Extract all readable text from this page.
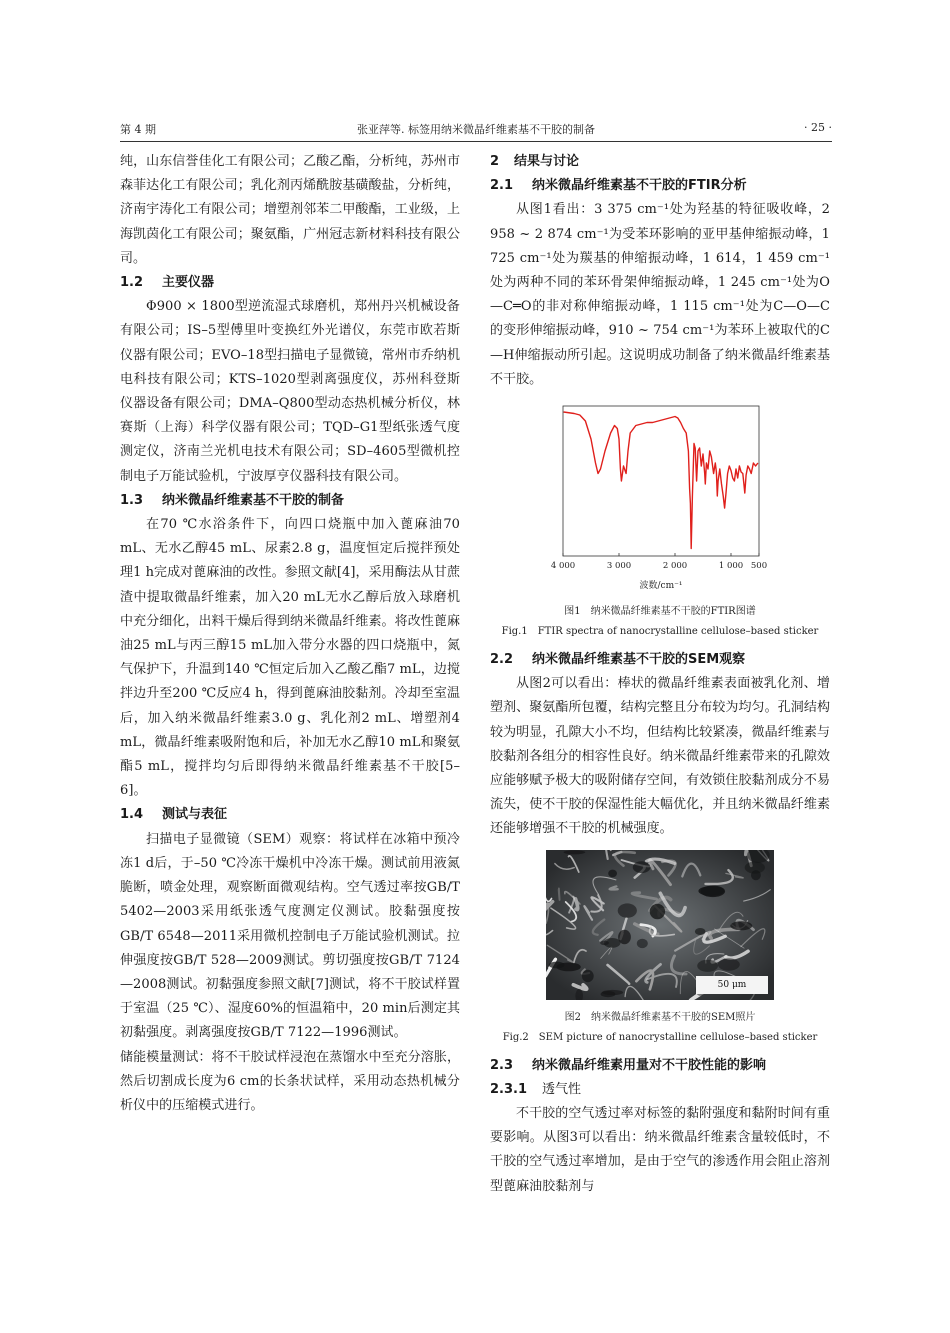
第 4 期	张亚萍等. 标签用纳米微晶纤维素基不干胶的制备	· 25 ·

纯，山东信誉佳化工有限公司；乙酸乙酯，分析纯，苏州市森菲达化工有限公司；乳化剂丙烯酰胺基磺酸盐，分析纯，济南宇涛化工有限公司；增塑剂邻苯二甲酸酯，工业级，上海凯茵化工有限公司；聚氨酯，广州冠志新材料科技有限公司。

1.2 主要仪器

Φ900 × 1800型逆流湿式球磨机，郑州丹兴机械设备有限公司；IS–5型傅里叶变换红外光谱仪，东莞市欧若斯仪器有限公司；EVO–18型扫描电子显微镜，常州市乔纳机电科技有限公司；KTS–1020型剥离强度仪，苏州科登斯仪器设备有限公司；DMA–Q800型动态热机械分析仪，林赛斯（上海）科学仪器有限公司；TQD–G1型纸张透气度测定仪，济南兰光机电技术有限公司；SD–4605型微机控制电子万能试验机，宁波厚亨仪器科技有限公司。

1.3 纳米微晶纤维素基不干胶的制备

在70 ℃水浴条件下，向四口烧瓶中加入蓖麻油70 mL、无水乙醇45 mL、尿素2.8 g，温度恒定后搅拌预处理1 h完成对蓖麻油的改性。参照文献[4]，采用酶法从甘蔗渣中提取微晶纤维素，加入20 mL无水乙醇后放入球磨机中充分细化，出料干燥后得到纳米微晶纤维素。将改性蓖麻油25 mL与丙三醇15 mL加入带分水器的四口烧瓶中，氮气保护下，升温到140 ℃恒定后加入乙酸乙酯7 mL，边搅拌边升至200 ℃反应4 h，得到蓖麻油胶黏剂。冷却至室温后，加入纳米微晶纤维素3.0 g、乳化剂2 mL、增塑剂4 mL，微晶纤维素吸附饱和后，补加无水乙醇10 mL和聚氨酯5 mL，搅拌均匀后即得纳米微晶纤维素基不干胶[5–6]。

1.4 测试与表征

扫描电子显微镜（SEM）观察：将试样在冰箱中预冷冻1 d后，于–50 ℃冷冻干燥机中冷冻干燥。测试前用液氮脆断，喷金处理，观察断面微观结构。空气透过率按GB/T 5402—2003采用纸张透气度测定仪测试。胶黏强度按GB/T 6548—2011采用微机控制电子万能试验机测试。拉伸强度按GB/T 528—2009测试。剪切强度按GB/T 7124—2008测试。初黏强度参照文献[7]测试，将不干胶试样置于室温（25 ℃）、湿度60%的恒温箱中，20 min后测定其初黏强度。剥离强度按GB/T 7122—1996测试。

储能模量测试：将不干胶试样浸泡在蒸馏水中至充分溶胀，然后切割成长度为6 cm的长条状试样，采用动态热机械分析仪中的压缩模式进行。

2 结果与讨论

2.1 纳米微晶纤维素基不干胶的FTIR分析

从图1看出：3 375 cm⁻¹处为羟基的特征吸收峰，2 958 ~ 2 874 cm⁻¹为受苯环影响的亚甲基伸缩振动峰，1 725 cm⁻¹处为羰基的伸缩振动峰，1 614，1 459 cm⁻¹处为两种不同的苯环骨架伸缩振动峰，1 245 cm⁻¹处为O—C═O的非对称伸缩振动峰，1 115 cm⁻¹处为C—O—C的变形伸缩振动峰，910 ~ 754 cm⁻¹为苯环上被取代的C—H伸缩振动所引起。这说明成功制备了纳米微晶纤维素基不干胶。

4 000	3 000	2 000	1 000 500
波数/cm⁻¹

图1　纳米微晶纤维素基不干胶的FTIR图谱

Fig.1　FTIR spectra of nanocrystalline cellulose–based sticker

2.2 纳米微晶纤维素基不干胶的SEM观察

从图2可以看出：棒状的微晶纤维素表面被乳化剂、增塑剂、聚氨酯所包覆，结构完整且分布较为均匀。孔洞结构较为明显，孔隙大小不均，但结构比较紧凑，微晶纤维素与胶黏剂各组分的相容性良好。纳米微晶纤维素带来的孔隙效应能够赋予极大的吸附储存空间，有效锁住胶黏剂成分不易流失，使不干胶的保湿性能大幅优化，并且纳米微晶纤维素还能够增强不干胶的机械强度。

50 μm

图2　纳米微晶纤维素基不干胶的SEM照片

Fig.2　SEM picture of nanocrystalline cellulose–based sticker

2.3 纳米微晶纤维素用量对不干胶性能的影响

2.3.1 透气性

不干胶的空气透过率对标签的黏附强度和黏附时间有重要影响。从图3可以看出：纳米微晶纤维素含量较低时，不干胶的空气透过率增加，是由于空气的渗透作用会阻止溶剂型蓖麻油胶黏剂与
